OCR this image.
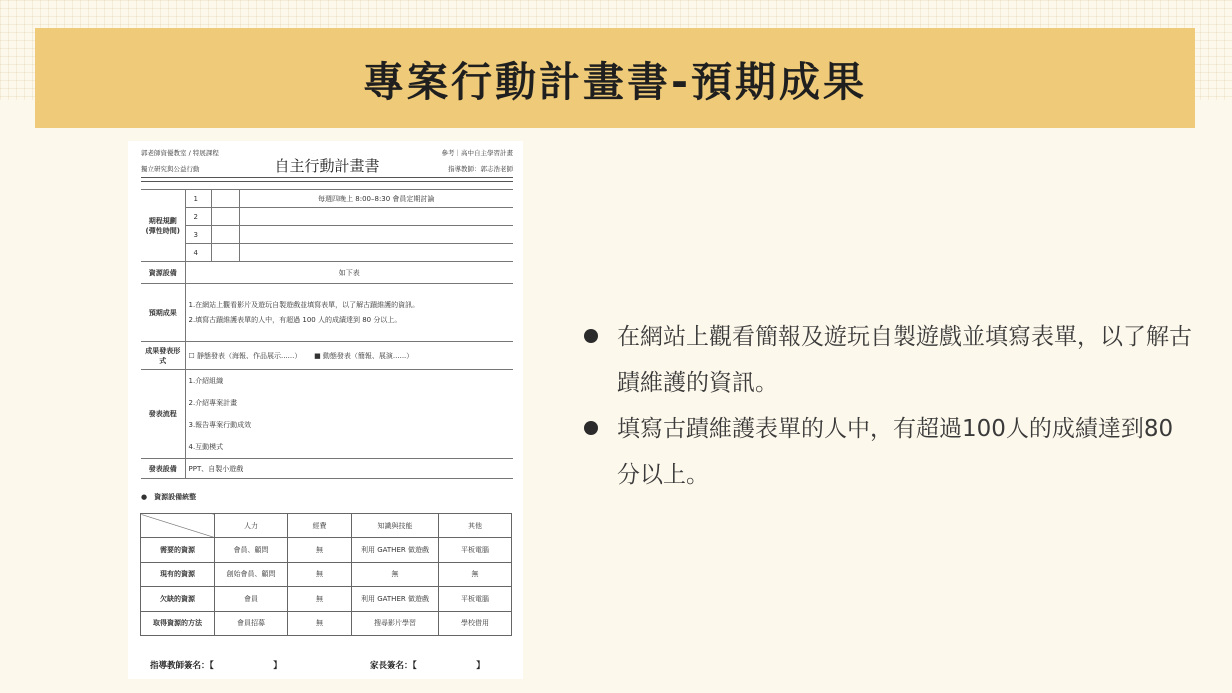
專案行動計畫書-預期成果
郭老師資優教室 / 特展課程
獨立研究與公益行動	自主行動計畫書
參考｜高中自主學習計畫
指導教師：郭志浩老師
期程規劃(彈性時間)	1		每週四晚上 8:00–8:30 會員定期討論
	2		
	3		
	4		
資源設備	如下表		
預期成果	1.在網站上觀看影片及遊玩自製遊戲並填寫表單，以了解古蹟維護的資訊。

2.填寫古蹟維護表單的人中，有超過 100 人的成績達到 80 分以上。		

成果發表形式	☐ 靜態發表（海報、作品展示......）　　 ■ 動態發表（簡報、展演......）		
發表流程	1.介紹組織

2.介紹專案計畫

3.報告專案行動成效

4.互動模式		

發表設備	PPT、自製小遊戲		
●　資源設備統整
	人力	經費	知識與技能	其他
需要的資源	會員、顧問	無	利用 GATHER 做遊戲	平板電腦
現有的資源	創始會員、顧問	無	無	無
欠缺的資源	會員	無	利用 GATHER 做遊戲	平板電腦
取得資源的方法	會員招募	無	搜尋影片學習	學校借用
指導教師簽名：【　　　　　　　】	家長簽名：【　　　　　　　】
在網站上觀看簡報及遊玩自製遊戲並填寫表單，以了解古蹟維護的資訊。
填寫古蹟維護表單的人中，有超過100人的成績達到80分以上。
